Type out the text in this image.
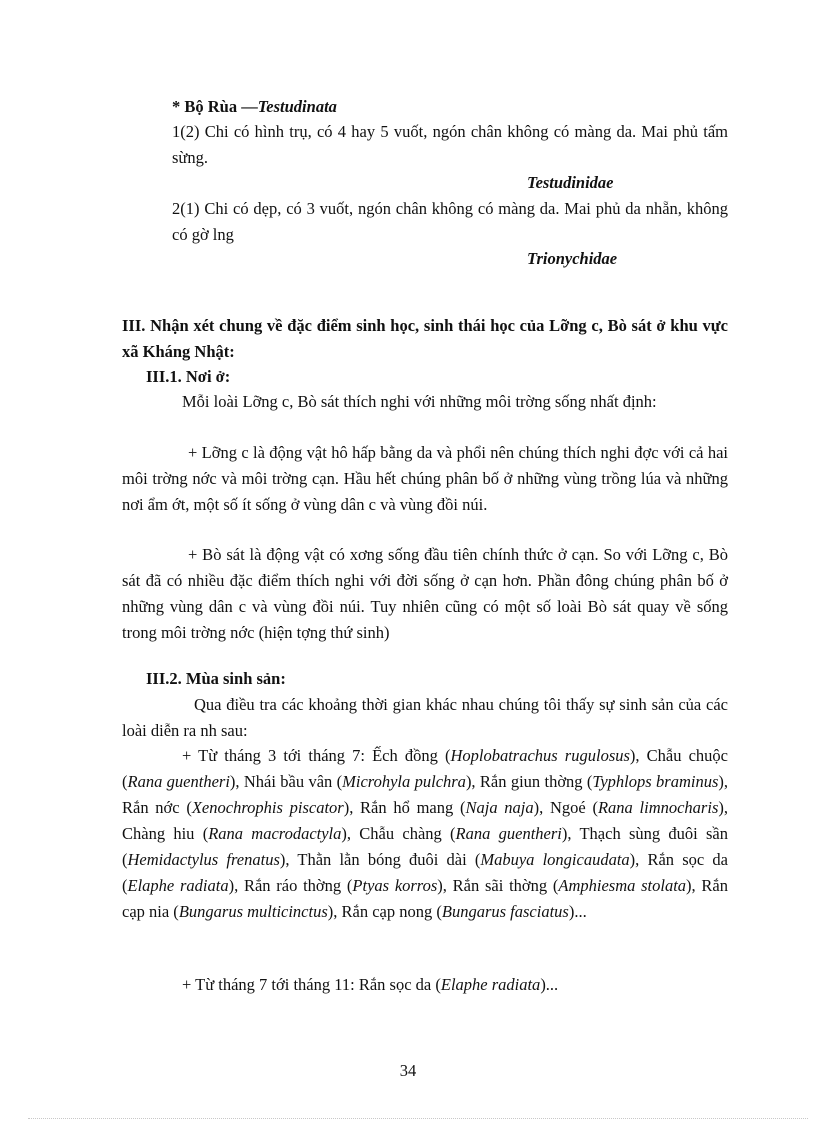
* Bộ Rùa —Testudinata
1(2) Chi có hình trụ, có 4 hay 5 vuốt, ngón chân không có màng da. Mai phủ tấm sừng.
Testudinidae
2(1) Chi có dẹp, có 3 vuốt, ngón chân không có màng da. Mai phủ da nhẵn, không có gờ lng
Trionychidae
III. Nhận xét chung về đặc điểm sinh học, sinh thái học của Lỡng c, Bò sát ở khu vực xã Kháng Nhật:
III.1. Nơi ở:
Mỗi loài Lỡng c, Bò sát thích nghi với những môi trờng sống nhất định:
+ Lỡng c là động vật hô hấp bằng da và phổi nên chúng thích nghi đợc với cả hai môi trờng nớc và môi trờng cạn. Hầu hết chúng phân bố ở những vùng trồng lúa và những nơi ẩm ớt, một số ít sống ở vùng dân c và vùng đồi núi.
+ Bò sát là động vật có xơng sống đầu tiên chính thức ở cạn. So với Lỡng c, Bò sát đã có nhiều đặc điểm thích nghi với đời sống ở cạn hơn. Phần đông chúng phân bố ở những vùng dân c và vùng đồi núi. Tuy nhiên cũng có một số loài Bò sát quay về sống trong môi trờng nớc (hiện tợng thứ sinh)
III.2. Mùa sinh sản:
Qua điều tra các khoảng thời gian khác nhau chúng tôi thấy sự sinh sản của các loài diễn ra nh sau:
+ Từ tháng 3 tới tháng 7: Ếch đồng (Hoplobatrachus rugulosus), Chẫu chuộc (Rana guentheri), Nhái bầu vân (Microhyla pulchra), Rắn giun thờng (Typhlops braminus), Rắn nớc (Xenochrophis piscator), Rắn hổ mang (Naja naja), Ngoé (Rana limnocharis), Chàng hiu (Rana macrodactyla), Chẫu chàng (Rana guentheri), Thạch sùng đuôi sần (Hemidactylus frenatus), Thằn lằn bóng đuôi dài (Mabuya longicaudata), Rắn sọc da (Elaphe radiata), Rắn ráo thờng (Ptyas korros), Rắn sãi thờng (Amphiesma stolata), Rắn cạp nia (Bungarus multicinctus), Rắn cạp nong (Bungarus fasciatus)...
+ Từ tháng 7 tới tháng 11: Rắn sọc da (Elaphe radiata)...
34
